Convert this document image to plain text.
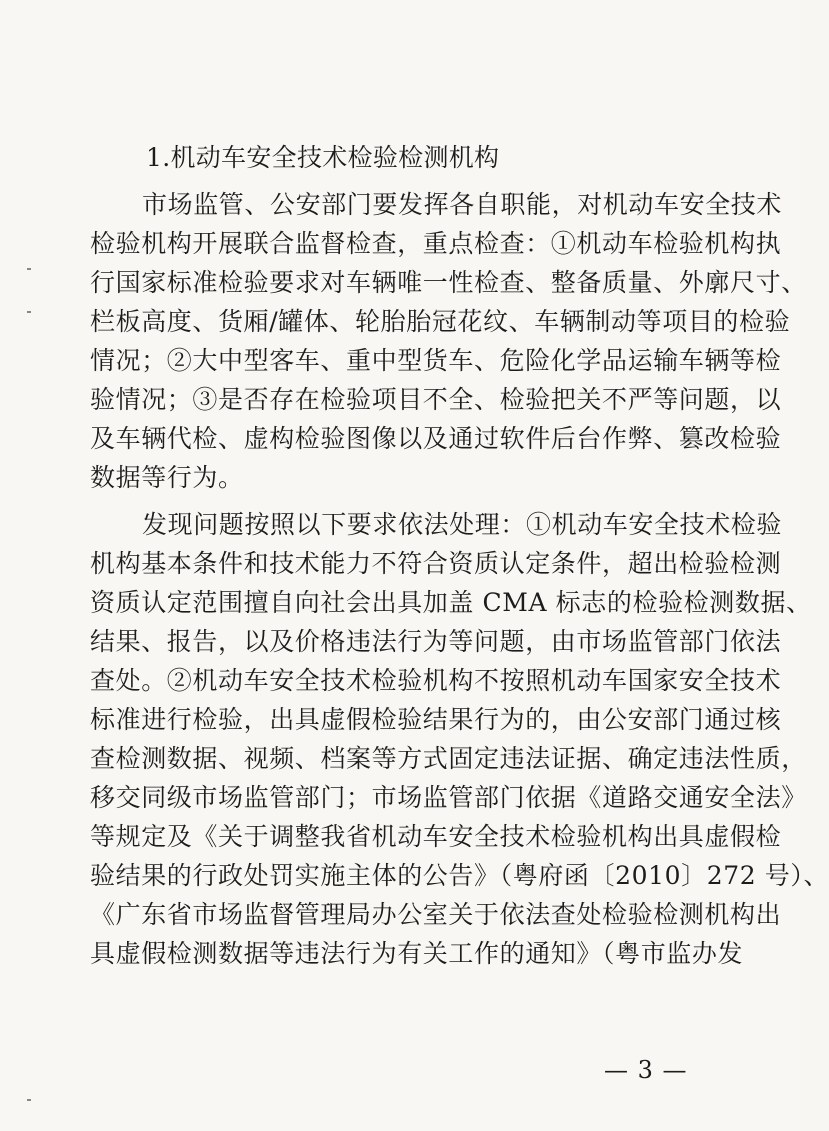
1.机动车安全技术检验检测机构
市场监管、公安部门要发挥各自职能，对机动车安全技术
检验机构开展联合监督检查，重点检查：①机动车检验机构执
行国家标准检验要求对车辆唯一性检查、整备质量、外廓尺寸、
栏板高度、货厢/罐体、轮胎胎冠花纹、车辆制动等项目的检验
情况；②大中型客车、重中型货车、危险化学品运输车辆等检
验情况；③是否存在检验项目不全、检验把关不严等问题，以
及车辆代检、虚构检验图像以及通过软件后台作弊、篡改检验
数据等行为。
发现问题按照以下要求依法处理：①机动车安全技术检验
机构基本条件和技术能力不符合资质认定条件，超出检验检测
资质认定范围擅自向社会出具加盖 CMA 标志的检验检测数据、
结果、报告，以及价格违法行为等问题，由市场监管部门依法
查处。②机动车安全技术检验机构不按照机动车国家安全技术
标准进行检验，出具虚假检验结果行为的，由公安部门通过核
查检测数据、视频、档案等方式固定违法证据、确定违法性质，
移交同级市场监管部门；市场监管部门依据《道路交通安全法》
等规定及《关于调整我省机动车安全技术检验机构出具虚假检
验结果的行政处罚实施主体的公告》（粤府函〔2010〕272 号）、
《广东省市场监督管理局办公室关于依法查处检验检测机构出
具虚假检测数据等违法行为有关工作的通知》（粤市监办发
— 3 —
